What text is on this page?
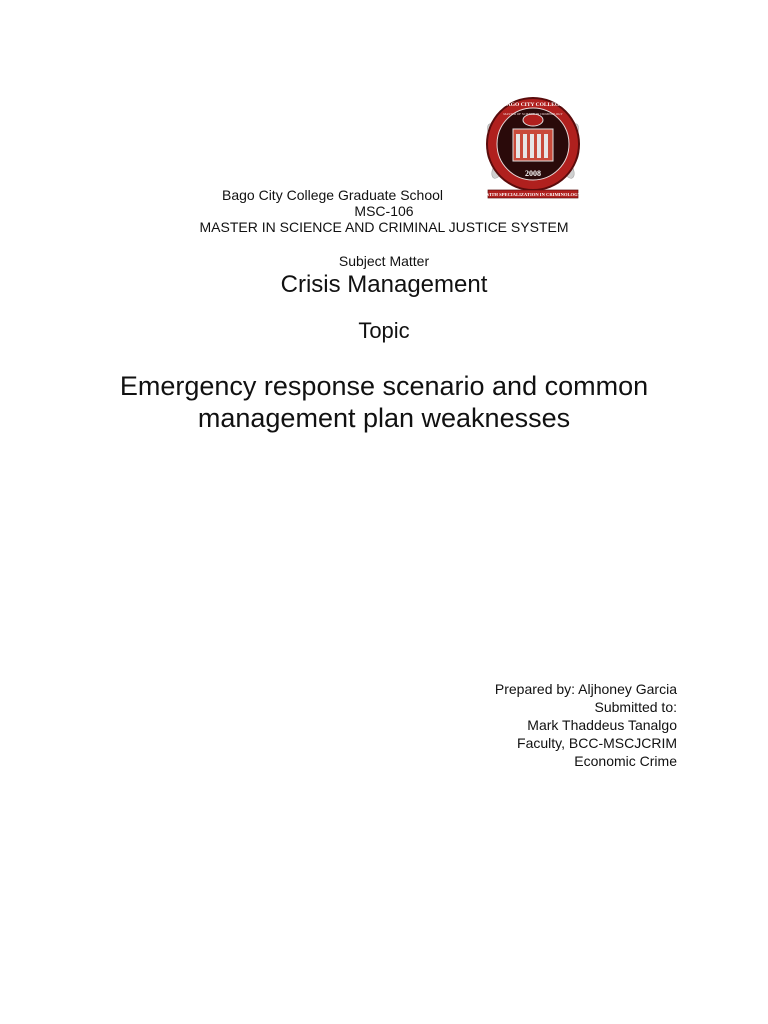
BAGO CITY COLLEGE
MASTER OF SCIENCE IN CRIMINOLOGY
2008
WITH SPECIALIZATION IN CRIMINOLOGY
Bago City College Graduate School
MSC-106
MASTER IN SCIENCE AND CRIMINAL JUSTICE SYSTEM
Subject Matter
Crisis Management
Topic
Emergency response scenario and common
management plan weaknesses
Prepared by: Aljhoney Garcia
Submitted to:
Mark Thaddeus Tanalgo
Faculty, BCC-MSCJCRIM
Economic Crime
